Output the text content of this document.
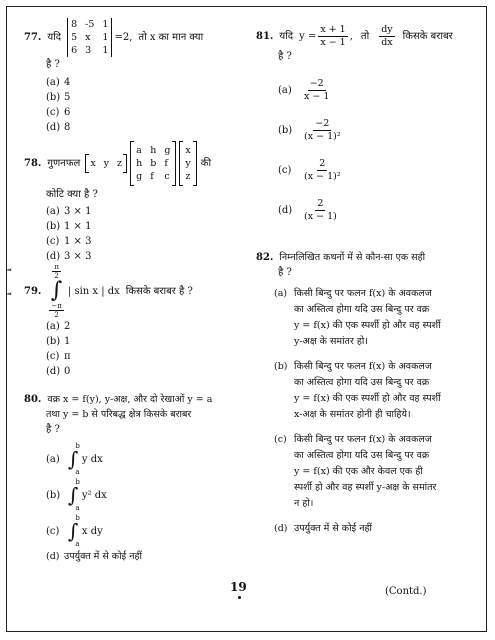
77. यदि
8 -5 1
5 x	1
6 3	1
=2, तो x का मान क्या
है ?
(a) 4
(b) 5
(c) 6
(d) 8
78. गुणनफल x y z
a h g
h b f
g f c
x
y
z
की
कोटि क्या है ?
(a) 3 × 1
(b) 1 × 1
(c) 1 × 3
(d) 3 × 3
79.
$\frac{\pi}{2}$
∫
$\frac{-\pi}{2}$
| sin x | dx किसके बराबर है ?
(a) 2
(b) 1
(c) π
(d) 0
80. वक्र x = f(y), y-अक्ष, और दो रेखाओं y = a
तथा y = b से परिबद्ध क्षेत्र किसके बराबर
है ?
(a) ∫
b
a
y dx
(b) ∫
b
a
y² dx
(c) ∫
b
a
x dy
(d) उपर्युक्त में से कोई नहीं
81. यदि $y = \frac{x + 1}{x - 1}$ , तो $\frac{dy}{dx}$ किसके बराबर
है ?
$(a) \frac{-2}{x - 1}$
$(b) \frac{-2}{\text{(x − 1)²}}$
$(c) \frac{2}{\text{(x − 1)²}}$
$(d) \frac{2}{(x - 1)}$
82. निम्नलिखित कथनों में से कौन-सा एक सही
है ?
(a) किसी बिन्दु पर फलन f(x) के अवकलज
का अस्तित्व होगा यदि उस बिन्दु पर वक्र
y = f(x) की एक स्पर्शी हो और वह स्पर्शी
y-अक्ष के समांतर हो।
(b) किसी बिन्दु पर फलन f(x) के अवकलज
का अस्तित्व होगा यदि उस बिन्दु पर वक्र
y = f(x) की एक स्पर्शी हो और वह स्पर्शी
x-अक्ष के समांतर होनी ही चाहिये।
(c) किसी बिन्दु पर फलन f(x) के अवकलज
का अस्तित्व होगा यदि उस बिन्दु पर वक्र
y = f(x) की एक और केवल एक ही
स्पर्शी हो और वह स्पर्शी y-अक्ष के समांतर
न हो।
(d) उपर्युक्त में से कोई नहीं
19	(Contd.)
